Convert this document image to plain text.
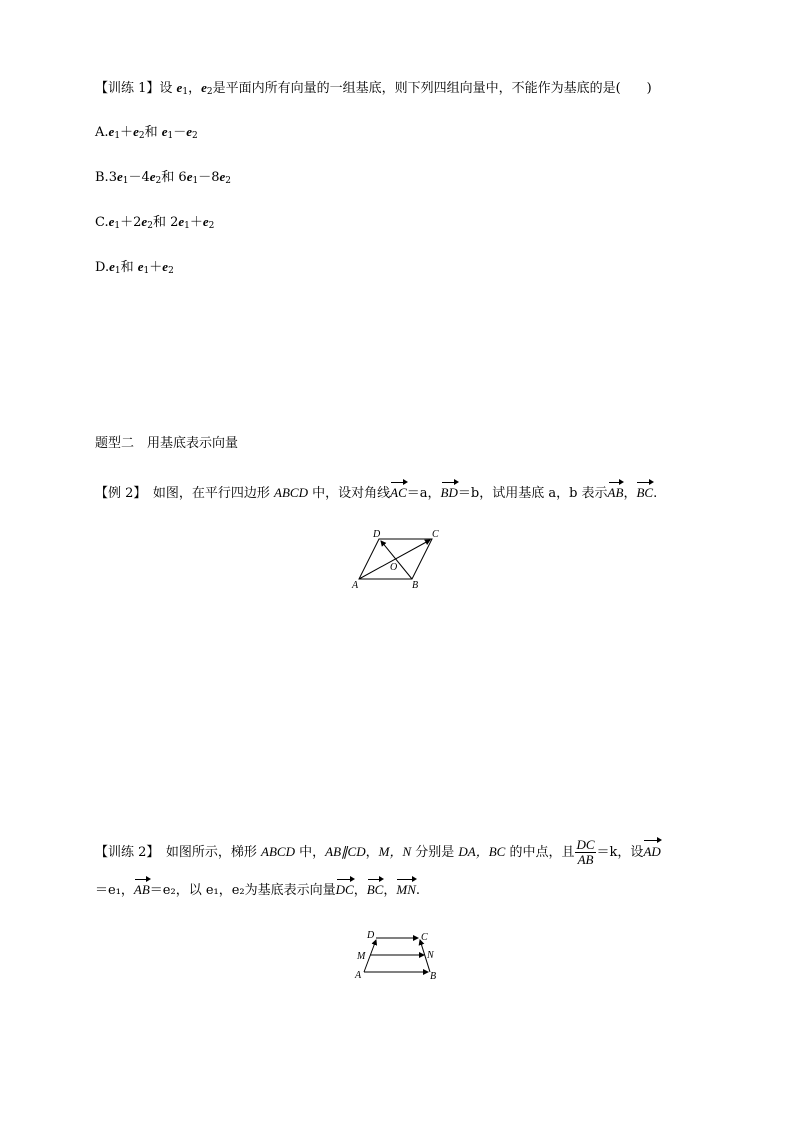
【训练 1】设 $e_1$，$e_2$是平面内所有向量的一组基底，则下列四组向量中，不能作为基底的是(　　)
$A.e_1+e_2$和 $e_1-e_2$
$B.3e_1-4e_2$和 $6e_1-8e_2$
$C.e_1+2e_2$和 $2e_1+e_2$
$D.e_1$和 $e_1+e_2$
题型二　用基底表示向量
【例 2】　如图，在平行四边形 ABCD 中，设对角线AC＝a，BD＝b，试用基底 a，b 表示AB，BC.
D	C
A	B
O
【训练 2】　如图所示，梯形 ABCD 中，AB∥CD，M，N 分别是 DA，BC 的中点，且 $\frac{DC}{AB} =k$，设AD
＝e₁，AB＝e₂，以 e₁，e₂为基底表示向量DC，BC，MN.
D	C
M	N
A	B
